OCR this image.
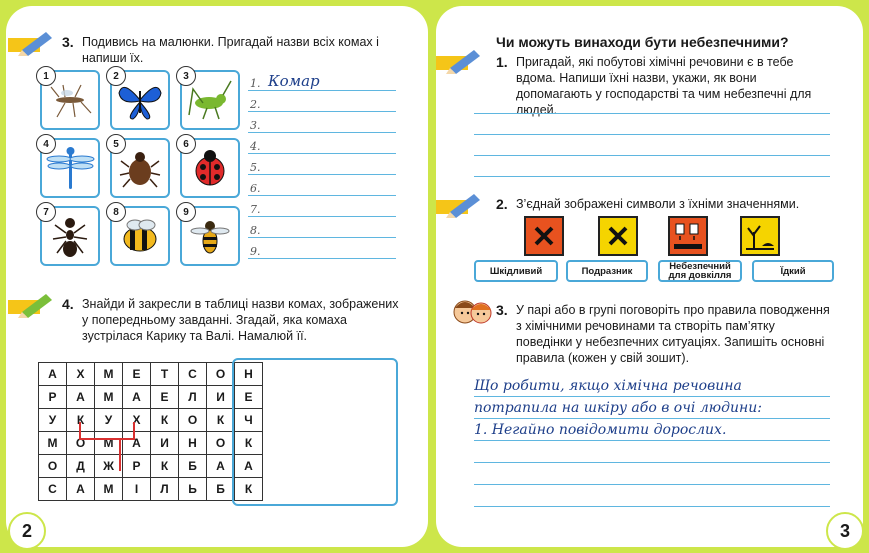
2
3. Подивись на малюнки. Пригадай назви всіх комах і напиши їх.
1	2	3
4	5	6
7	8	9
1.
2.
3.
4.
5.
6.
7.
8.
9.
Комар
4. Знайди й закресли в таблиці назви комах, зображених у попередньому завданні. Згадай, яка комаха зустрілася Карику та Валі. Намалюй її.
А	Х	М	Е	Т	С	О	Н
Р	А	М	А	Е	Л	И	Е
У	К	У	Х	К	О	К	Ч
М	О	М	А	И	Н	О	К
О	Д	Ж	Р	К	Б	А	А
С	А	М	І	Л	Ь	Б	К
3
Чи можуть винаходи бути небезпечними?
1. Пригадай, які побутові хімічні речовини є в тебе вдома. Напиши їхні назви, укажи, як вони допомагають у господарстві та чим небезпечні для людей.
2. З’єднай зображені символи з їхніми значеннями.
Шкідливий	Подразник	Небезпечний для довкілля	Їдкий
3. У парі або в групі поговоріть про правила поводження з хімічними речовинами та створіть пам’ятку поведінки у небезпечних ситуаціях. Запишіть основні правила (кожен у свій зошит).
Що робити, якщо хімічна речовина
потрапила на шкіру або в очі людини:
1. Негайно повідомити дорослих.
